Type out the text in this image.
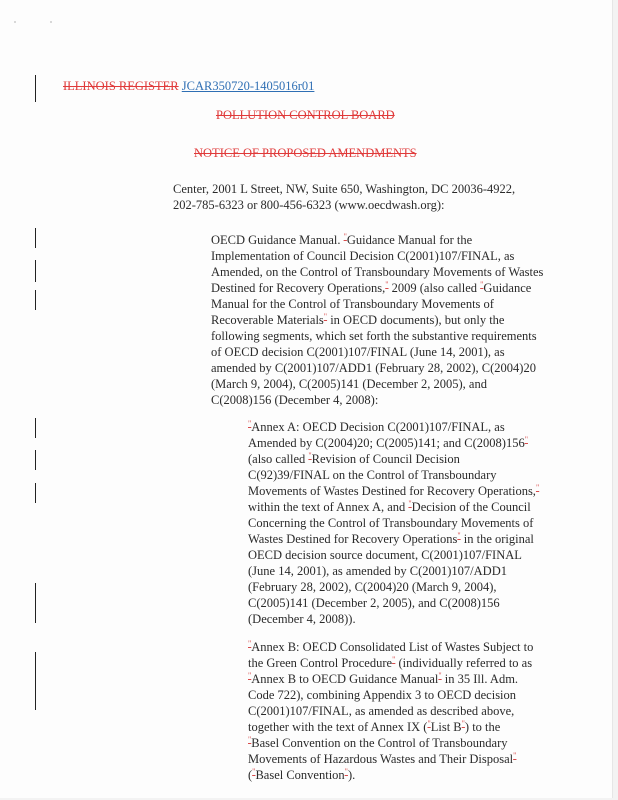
ILLINOIS REGISTER JCAR350720-1405016r01
POLLUTION CONTROL BOARD
NOTICE OF PROPOSED AMENDMENTS
Center, 2001 L Street, NW, Suite 650, Washington, DC 20036-4922,
202-785-6323 or 800-456-6323 (www.oecdwash.org):
OECD Guidance Manual. "Guidance Manual for the
Implementation of Council Decision C(2001)107/FINAL, as
Amended, on the Control of Transboundary Movements of Wastes
Destined for Recovery Operations," 2009 (also called "Guidance
Manual for the Control of Transboundary Movements of
Recoverable Materials" in OECD documents), but only the
following segments, which set forth the substantive requirements
of OECD decision C(2001)107/FINAL (June 14, 2001), as
amended by C(2001)107/ADD1 (February 28, 2002), C(2004)20
(March 9, 2004), C(2005)141 (December 2, 2005), and
C(2008)156 (December 4, 2008):
"Annex A: OECD Decision C(2001)107/FINAL, as
Amended by C(2004)20; C(2005)141; and C(2008)156"
(also called "Revision of Council Decision
C(92)39/FINAL on the Control of Transboundary
Movements of Wastes Destined for Recovery Operations,"
within the text of Annex A, and "Decision of the Council
Concerning the Control of Transboundary Movements of
Wastes Destined for Recovery Operations" in the original
OECD decision source document, C(2001)107/FINAL
(June 14, 2001), as amended by C(2001)107/ADD1
(February 28, 2002), C(2004)20 (March 9, 2004),
C(2005)141 (December 2, 2005), and C(2008)156
(December 4, 2008)).
"Annex B: OECD Consolidated List of Wastes Subject to
the Green Control Procedure" (individually referred to as
"Annex B to OECD Guidance Manual" in 35 Ill. Adm.
Code 722), combining Appendix 3 to OECD decision
C(2001)107/FINAL, as amended as described above,
together with the text of Annex IX ("List B") to the
"Basel Convention on the Control of Transboundary
Movements of Hazardous Wastes and Their Disposal"
("Basel Convention").
